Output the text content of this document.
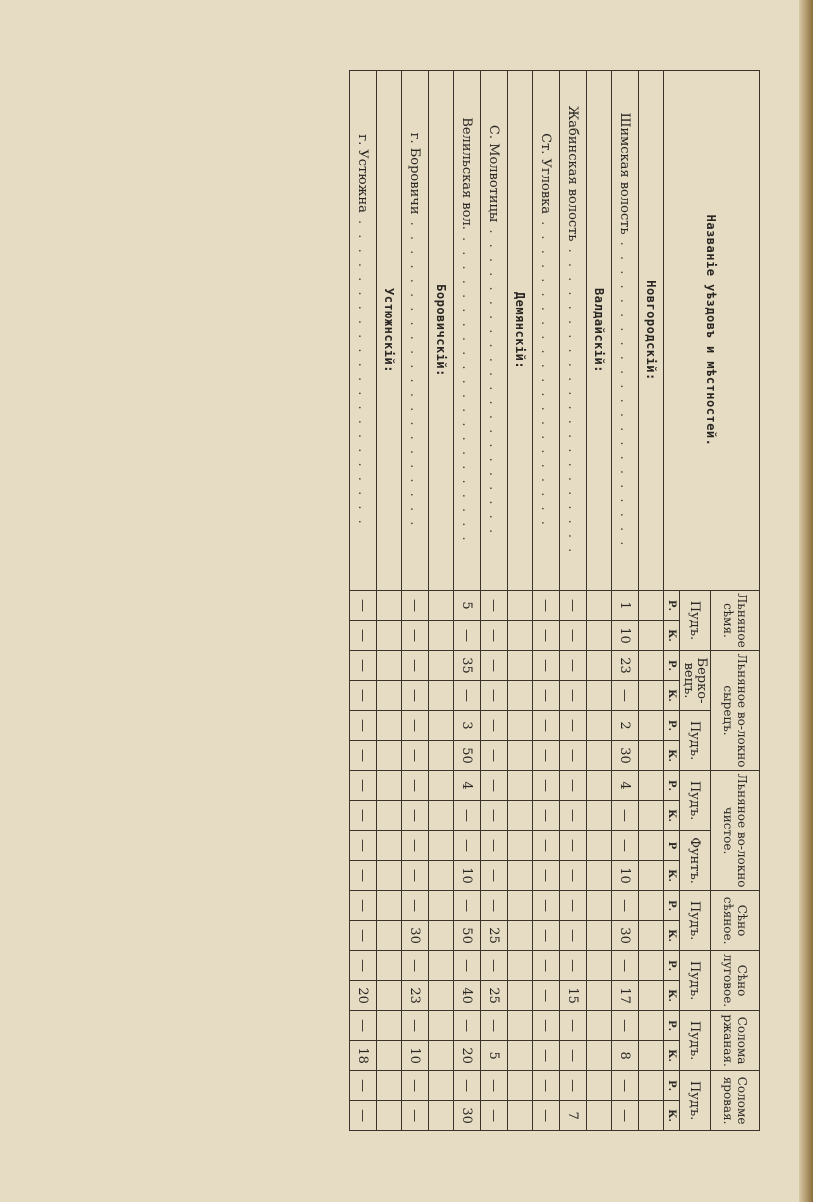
Названіе уѣздовъ и мѣстностей.	Льняное сѣмя.		Льняное во-локно сырецъ.				Льняное во-локно чистое.				Сѣно сѣяное.		Сѣно луговое.		Солома ржаная.		Соломе яровая.	
	Пудъ.		Берко-вецъ.		Пудъ.		Пудъ.		Фунтъ.		Пудъ.		Пудъ.		Пудъ.		Пудъ.	
	Р.	К.	Р.	К.	Р.	К.	Р.	К.	Р	К.	Р.	К.	Р.	К.	Р.	К.	Р.	К.
Новгородскій:																		
Шимская волость . . . . . . . . . . . . . . . . . . . . . .	1	10	23	—	2	30	4	—	—	10	—	30	—	17	—	8	—	—
Валдайскій:																		
Жабинская волость . . . . . . . . . . . . . . . . . . . . . .	—	—	—	—	—	—	—	—	—	—	—	—	—	15	—	—	—	7
Ст. Угловка . . . . . . . . . . . . . . . . . . . . . .	—	—	—	—	—	—	—	—	—	—	—	—	—	—	—	—	—	—
Демянскій:																		
С. Молвотицы . . . . . . . . . . . . . . . . . . . . . .	—	—	—	—	—	—	—	—	—	—	—	25	—	25	—	5	—	—
Велильская вол. . . . . . . . . . . . . . . . . . . . . . .	5	—	35	—	3	50	4	—	—	10	—	50	—	40	—	20	—	30
Боровичскій:																		
г. Боровичи . . . . . . . . . . . . . . . . . . . . . .	—	—	—	—	—	—	—	—	—	—	—	30	—	23	—	10	—	—
Устюжнскій:																		
г. Устюжна . . . . . . . . . . . . . . . . . . . . . .	—	—	—	—	—	—	—	—	—	—	—	—	—	20	—	18	—	—
